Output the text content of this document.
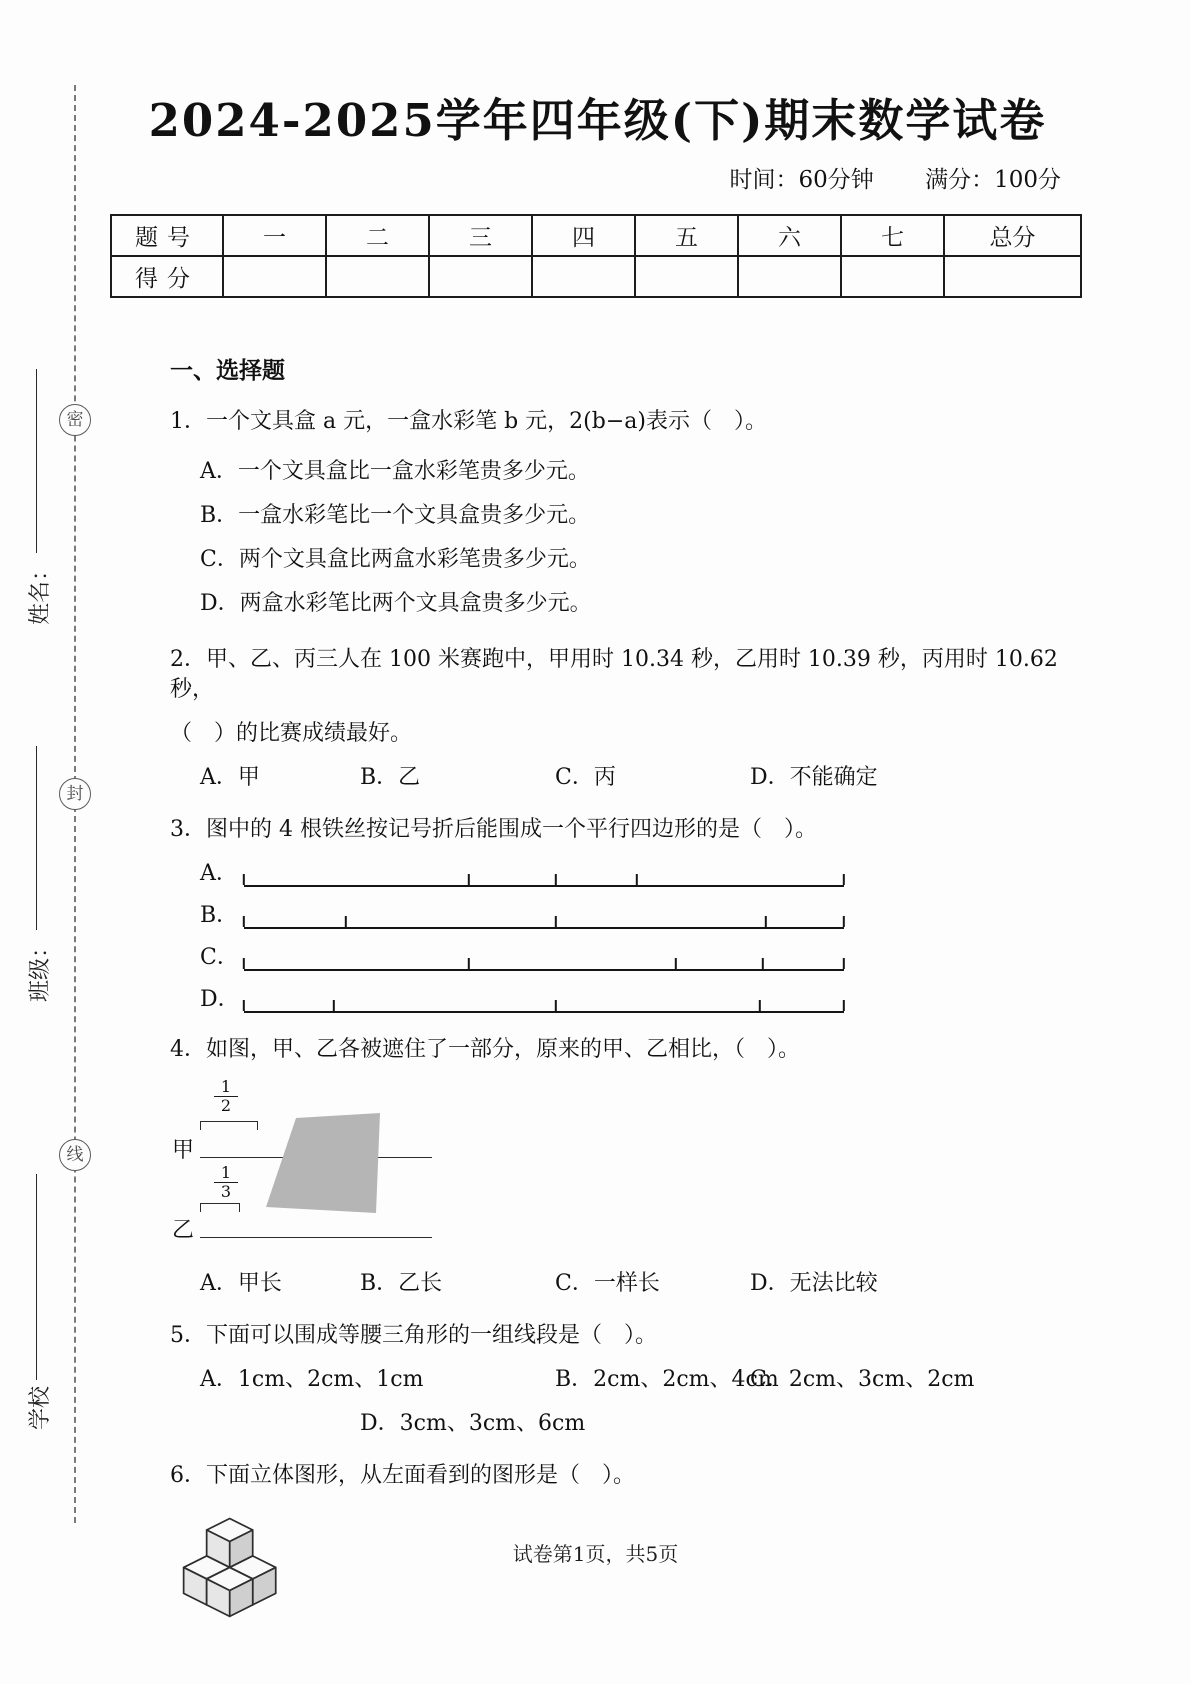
密
封
线
姓名：
班级：
学校
2024-2025学年四年级(下)期末数学试卷
时间：60分钟 满分：100分
题号	一	二	三	四	五	六	七	总分
得分								
一、选择题
1．一个文具盒 a 元，一盒水彩笔 b 元，2(b−a)表示（　）。
A．一个文具盒比一盒水彩笔贵多少元。
B．一盒水彩笔比一个文具盒贵多少元。
C．两个文具盒比两盒水彩笔贵多少元。
D．两盒水彩笔比两个文具盒贵多少元。
2．甲、乙、丙三人在 100 米赛跑中，甲用时 10.34 秒，乙用时 10.39 秒，丙用时 10.62 秒，
（　）的比赛成绩最好。
A．甲	B．乙	C．丙	D．不能确定
3．图中的 4 根铁丝按记号折后能围成一个平行四边形的是（　）。
A．
B．
C．
D．
4．如图，甲、乙各被遮住了一部分，原来的甲、乙相比，（　）。
$\frac{1}{2}$
甲
$\frac{1}{3}$
乙
A．甲长	B．乙长	C．一样长	D．无法比较
5．下面可以围成等腰三角形的一组线段是（　）。
A．1cm、2cm、1cm	B．2cm、2cm、4cm
C．2cm、3cm、2cm
D．3cm、3cm、6cm
6．下面立体图形，从左面看到的图形是（　）。
试卷第1页，共5页
